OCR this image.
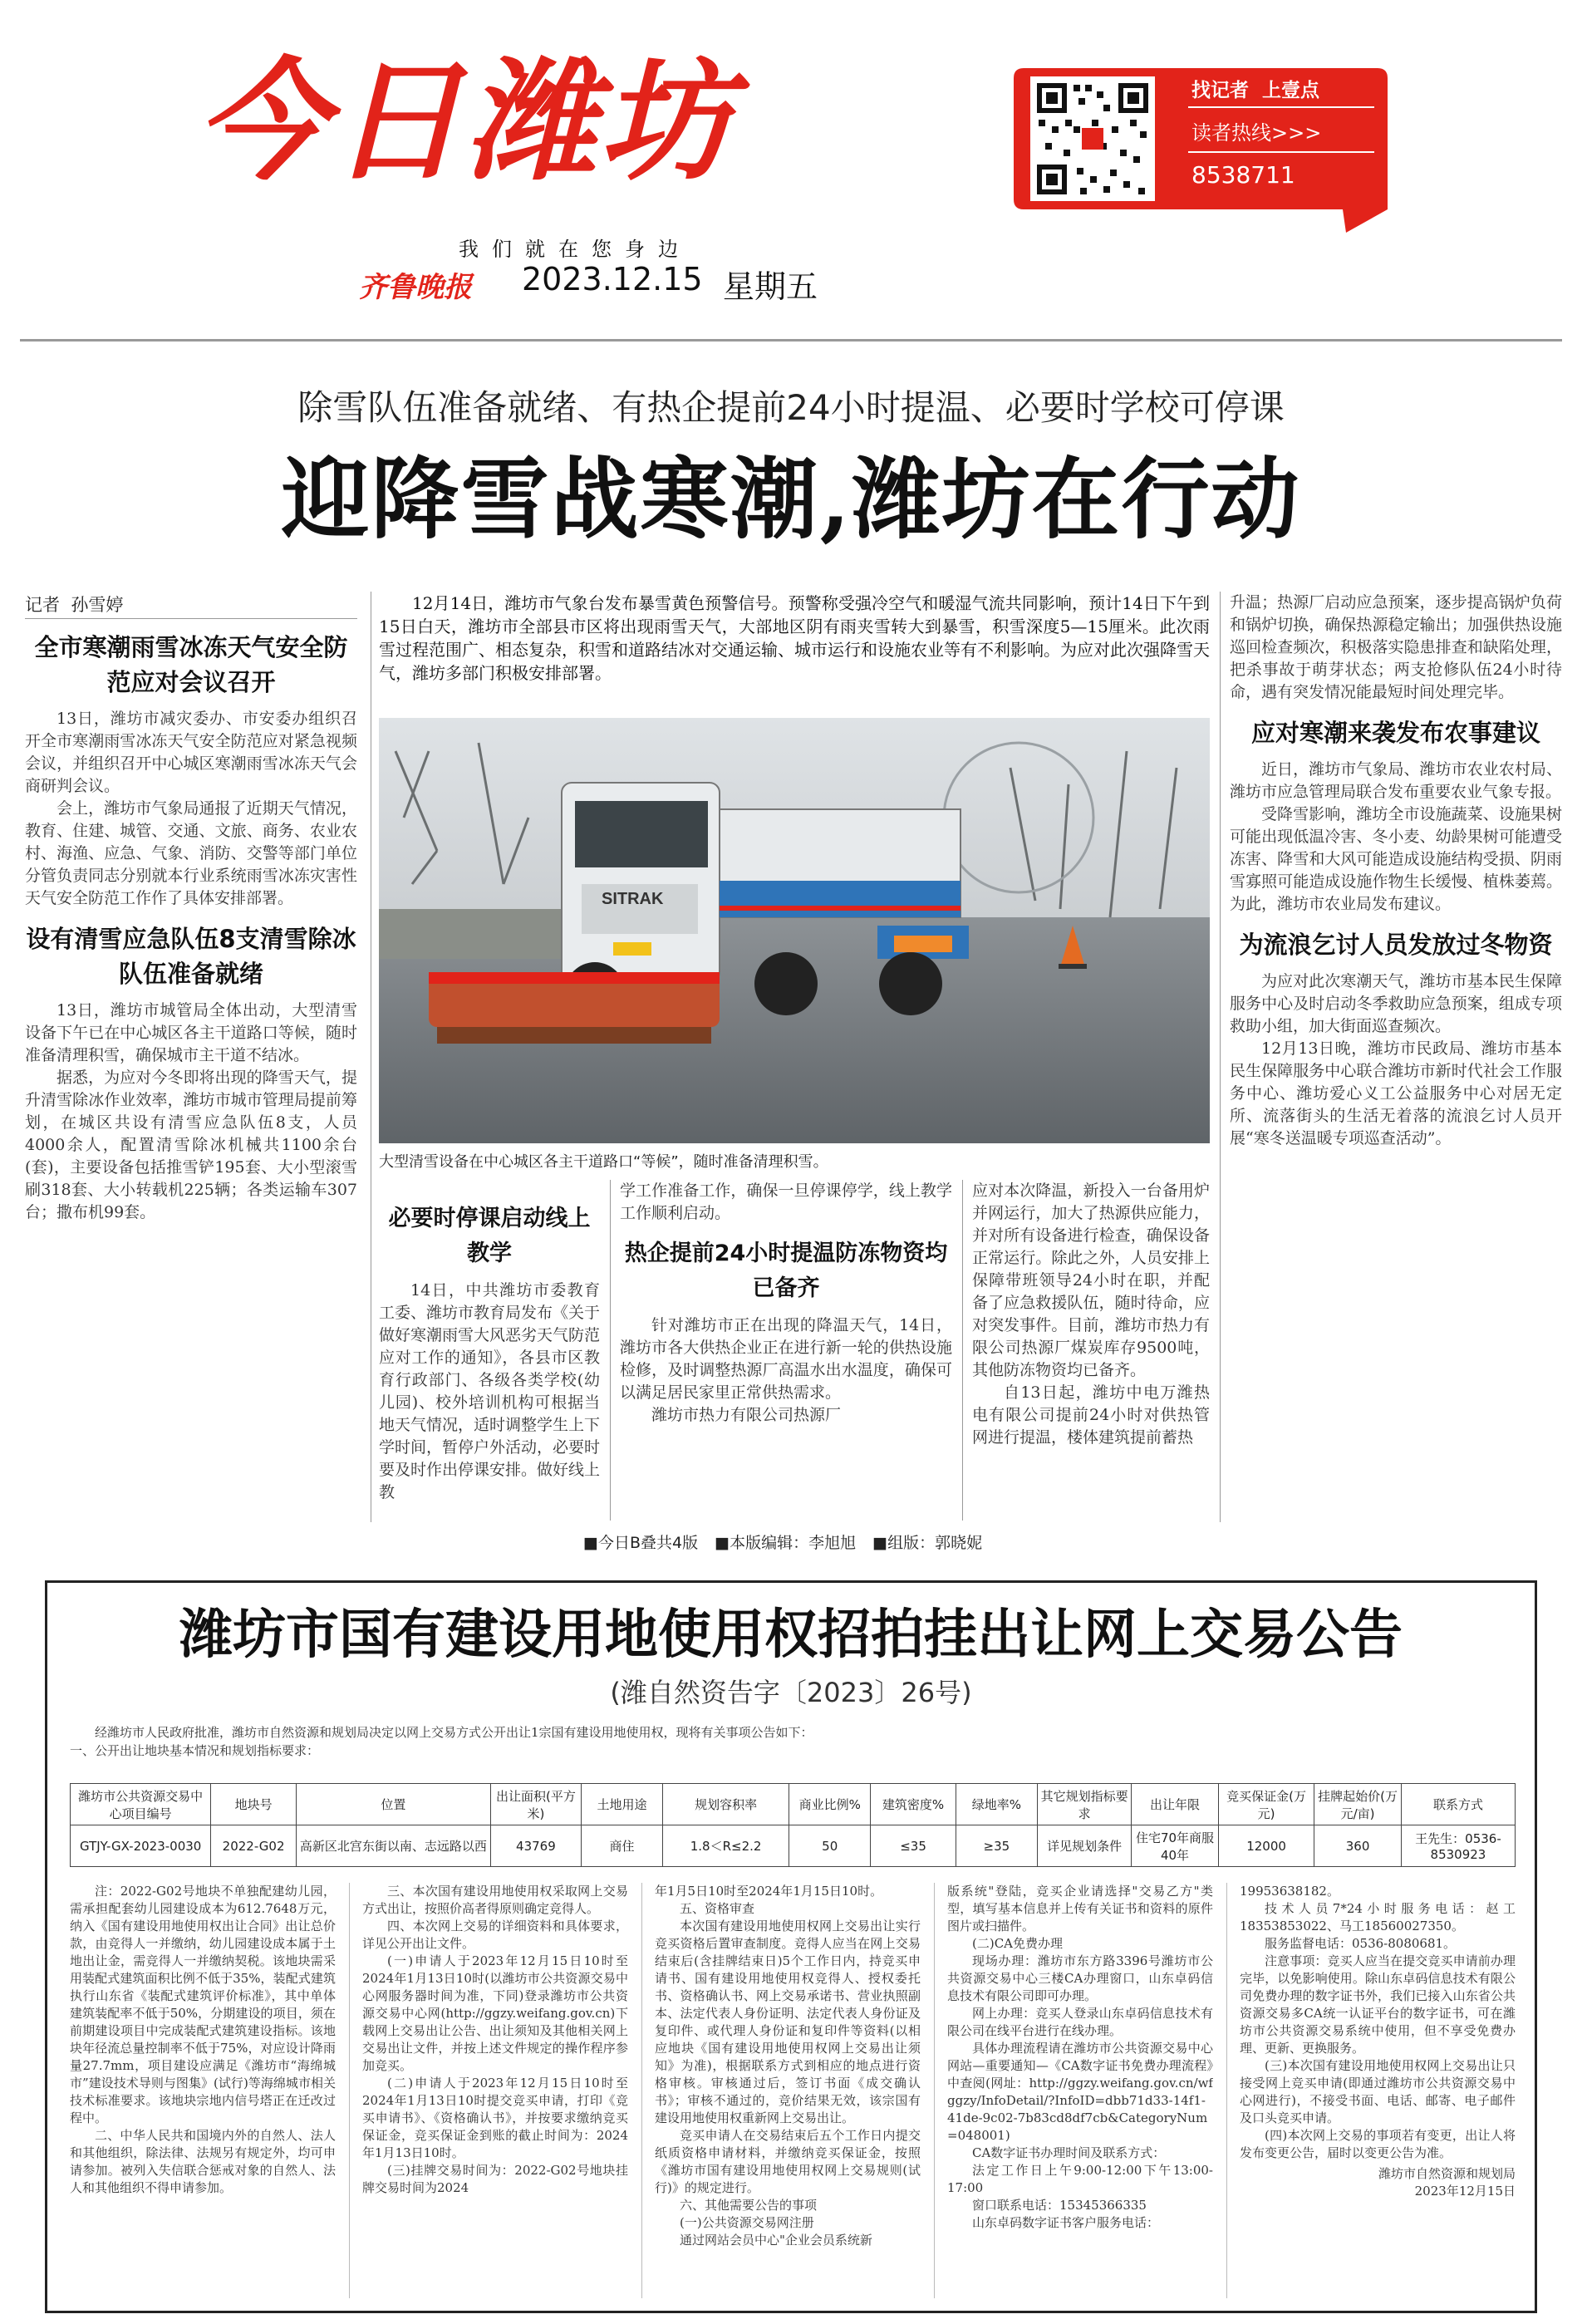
今日潍坊
我们就在您身边
齐鲁晚报 2023.12.15 星期五
找记者  上壹点
读者热线>>>
8538711
除雪队伍准备就绪、有热企提前24小时提温、必要时学校可停课
迎降雪战寒潮,潍坊在行动
记者  孙雪婷
全市寒潮雨雪冰冻天气安全防范应对会议召开

13日，潍坊市减灾委办、市安委办组织召开全市寒潮雨雪冰冻天气安全防范应对紧急视频会议，并组织召开中心城区寒潮雨雪冰冻天气会商研判会议。

会上，潍坊市气象局通报了近期天气情况，教育、住建、城管、交通、文旅、商务、农业农村、海渔、应急、气象、消防、交警等部门单位分管负责同志分别就本行业系统雨雪冰冻灾害性天气安全防范工作作了具体安排部署。

设有清雪应急队伍8支清雪除冰队伍准备就绪

13日，潍坊市城管局全体出动，大型清雪设备下午已在中心城区各主干道路口等候，随时准备清理积雪，确保城市主干道不结冰。

据悉，为应对今冬即将出现的降雪天气，提升清雪除冰作业效率，潍坊市城市管理局提前筹划，在城区共设有清雪应急队伍8支，人员4000余人，配置清雪除冰机械共1100余台(套)，主要设备包括推雪铲195套、大小型滚雪刷318套、大小转载机225辆；各类运输车307台；撒布机99套。

12月14日，潍坊市气象台发布暴雪黄色预警信号。预警称受强冷空气和暖湿气流共同影响，预计14日下午到15日白天，潍坊市全部县市区将出现雨雪天气，大部地区阴有雨夹雪转大到暴雪，积雪深度5—15厘米。此次雨雪过程范围广、相态复杂，积雪和道路结冰对交通运输、城市运行和设施农业等有不利影响。为应对此次强降雪天气，潍坊多部门积极安排部署。

SITRAK
大型清雪设备在中心城区各主干道路口“等候”，随时准备清理积雪。
必要时停课启动线上教学

14日，中共潍坊市委教育工委、潍坊市教育局发布《关于做好寒潮雨雪大风恶劣天气防范应对工作的通知》，各县市区教育行政部门、各级各类学校(幼儿园)、校外培训机构可根据当地天气情况，适时调整学生上下学时间，暂停户外活动，必要时要及时作出停课安排。做好线上教

学工作准备工作，确保一旦停课停学，线上教学工作顺利启动。

热企提前24小时提温防冻物资均已备齐

针对潍坊市正在出现的降温天气，14日，潍坊市各大供热企业正在进行新一轮的供热设施检修，及时调整热源厂高温水出水温度，确保可以满足居民家里正常供热需求。

潍坊市热力有限公司热源厂

应对本次降温，新投入一台备用炉并网运行，加大了热源供应能力，并对所有设备进行检查，确保设备正常运行。除此之外，人员安排上保障带班领导24小时在职，并配备了应急救援队伍，随时待命，应对突发事件。目前，潍坊市热力有限公司热源厂煤炭库存9500吨，其他防冻物资均已备齐。

自13日起，潍坊中电万潍热电有限公司提前24小时对供热管网进行提温，楼体建筑提前蓄热

升温；热源厂启动应急预案，逐步提高锅炉负荷和锅炉切换，确保热源稳定输出；加强供热设施巡回检查频次，积极落实隐患排查和缺陷处理，把杀事故于萌芽状态；两支抢修队伍24小时待命，遇有突发情况能最短时间处理完毕。

应对寒潮来袭发布农事建议

近日，潍坊市气象局、潍坊市农业农村局、潍坊市应急管理局联合发布重要农业气象专报。

受降雪影响，潍坊全市设施蔬菜、设施果树可能出现低温冷害、冬小麦、幼龄果树可能遭受冻害、降雪和大风可能造成设施结构受损、阴雨雪寡照可能造成设施作物生长缓慢、植株萎蔫。为此，潍坊市农业局发布建议。

为流浪乞讨人员发放过冬物资

为应对此次寒潮天气，潍坊市基本民生保障服务中心及时启动冬季救助应急预案，组成专项救助小组，加大街面巡查频次。

12月13日晚，潍坊市民政局、潍坊市基本民生保障服务中心联合潍坊市新时代社会工作服务中心、潍坊爱心义工公益服务中心对居无定所、流落街头的生活无着落的流浪乞讨人员开展“寒冬送温暖专项巡查活动”。

■今日B叠共4版 ■本版编辑：李旭旭 ■组版：郭晓妮
潍坊市国有建设用地使用权招拍挂出让网上交易公告
(潍自然资告字〔2023〕26号)
经潍坊市人民政府批准，潍坊市自然资源和规划局决定以网上交易方式公开出让1宗国有建设用地使用权，现将有关事项公告如下：
一、公开出让地块基本情况和规划指标要求：
潍坊市公共资源交易中心项目编号	地块号	位置	出让面积(平方米)	土地用途	规划容积率	商业比例%	建筑密度%	绿地率%	其它规划指标要求	出让年限	竞买保证金(万元)	挂牌起始价(万元/亩)	联系方式
GTJY-GX-2023-0030	2022-G02	高新区北宫东街以南、志远路以西	43769	商住	1.8＜R≤2.2	50	≤35	≥35	详见规划条件	住宅70年商服40年	12000	360	王先生：0536-8530923

注：2022-G02号地块不单独配建幼儿园，需承担配套幼儿园建设成本为612.7648万元，纳入《国有建设用地使用权出让合同》出让总价款，由竞得人一并缴纳，幼儿园建设成本属于土地出让金，需竞得人一并缴纳契税。该地块需采用装配式建筑面积比例不低于35%，装配式建筑执行山东省《装配式建筑评价标准》，其中单体建筑装配率不低于50%，分期建设的项目，须在前期建设项目中完成装配式建筑建设指标。该地块年径流总量控制率不低于75%，对应设计降雨量27.7mm，项目建设应满足《潍坊市“海绵城市”建设技术导则与图集》(试行)等海绵城市相关技术标准要求。该地块宗地内信号塔正在迁改过程中。

二、中华人民共和国境内外的自然人、法人和其他组织，除法律、法规另有规定外，均可申请参加。被列入失信联合惩戒对象的自然人、法人和其他组织不得申请参加。

三、本次国有建设用地使用权采取网上交易方式出让，按照价高者得原则确定竞得人。

四、本次网上交易的详细资料和具体要求，详见公开出让文件。

(一)申请人于2023年12月15日10时至2024年1月13日10时(以潍坊市公共资源交易中心网服务器时间为准，下同)登录潍坊市公共资源交易中心网(http://ggzy.weifang.gov.cn)下载网上交易出让公告、出让须知及其他相关网上交易出让文件，并按上述文件规定的操作程序参加竞买。

(二)申请人于2023年12月15日10时至2024年1月13日10时提交竞买申请，打印《竞买申请书》、《资格确认书》，并按要求缴纳竞买保证金，竞买保证金到账的截止时间为：2024年1月13日10时。

(三)挂牌交易时间为：2022-G02号地块挂牌交易时间为2024

年1月5日10时至2024年1月15日10时。

五、资格审查

本次国有建设用地使用权网上交易出让实行竞买资格后置审查制度。竞得人应当在网上交易结束后(含挂牌结束日)5个工作日内，持竞买申请书、国有建设用地使用权竞得人、授权委托书、资格确认书、网上交易承诺书、营业执照副本、法定代表人身份证明、法定代表人身份证及复印件、或代理人身份证和复印件等资料(以相应地块《国有建设用地使用权网上交易出让须知》为准)，根据联系方式到相应的地点进行资格审核。审核通过后，签订书面《成交确认书》；审核不通过的，竞价结果无效，该宗国有建设用地使用权重新网上交易出让。

竞买申请人在交易结束后五个工作日内提交纸质资格申请材料，并缴纳竞买保证金，按照《潍坊市国有建设用地使用权网上交易规则(试行)》的规定进行。

六、其他需要公告的事项

(一)公共资源交易网注册

通过网站会员中心"企业会员系统新

版系统"登陆，竞买企业请选择"交易乙方"类型，填写基本信息并上传有关证书和资料的原件图片或扫描件。

(二)CA免费办理

现场办理：潍坊市东方路3396号潍坊市公共资源交易中心三楼CA办理窗口，山东卓码信息技术有限公司即可办理。

网上办理：竞买人登录山东卓码信息技术有限公司在线平台进行在线办理。

具体办理流程请在潍坊市公共资源交易中心网站—重要通知—《CA数字证书免费办理流程》中查阅(网址：http://ggzy.weifang.gov.cn/wfggzy/InfoDetail/?InfoID=dbb71d33-14f1-41de-9c02-7b83cd8df7cb&CategoryNum=048001)

CA数字证书办理时间及联系方式：

法定工作日上午9:00-12:00下午13:00-17:00

窗口联系电话：15345366335

山东卓码数字证书客户服务电话：

19953638182。

技术人员7*24小时服务电话：赵工18353853022、马工18560027350。

服务监督电话：0536-8080681。

注意事项：竞买人应当在提交竞买申请前办理完毕，以免影响使用。除山东卓码信息技术有限公司免费办理的数字证书外，我们已接入山东省公共资源交易多CA统一认证平台的数字证书，可在潍坊市公共资源交易系统中使用，但不享受免费办理、更新、更换服务。

(三)本次国有建设用地使用权网上交易出让只接受网上竞买申请(即通过潍坊市公共资源交易中心网进行)，不接受书面、电话、邮寄、电子邮件及口头竞买申请。

(四)本次网上交易的事项若有变更，出让人将发布变更公告，届时以变更公告为准。

潍坊市自然资源和规划局
2023年12月15日
